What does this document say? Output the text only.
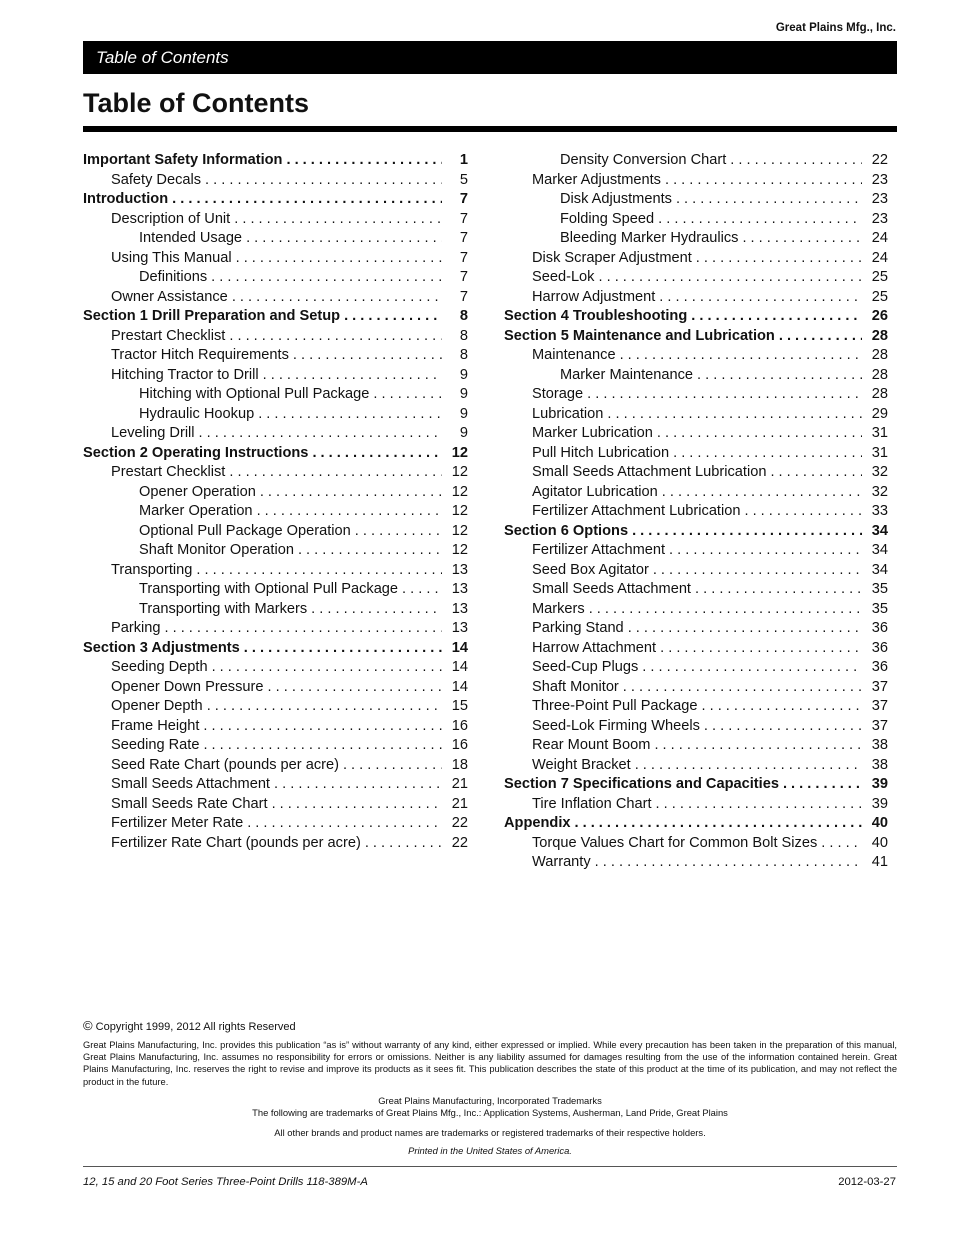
Great Plains Mfg., Inc.
Table of Contents
Table of Contents
Important Safety Information . . .	1
Safety Decals . . .	5
Introduction . . .	7
Description of Unit . . .	7
Intended Usage . . .	7
Using This Manual . . .	7
Definitions . . .	7
Owner Assistance . . .	7
Section 1 Drill Preparation and Setup . . .	8
Prestart Checklist . . .	8
Tractor Hitch Requirements . . .	8
Hitching Tractor to Drill . . .	9
Hitching with Optional Pull Package . . .	9
Hydraulic Hookup . . .	9
Leveling Drill . . .	9
Section 2 Operating Instructions . . .	12
Prestart Checklist . . .	12
Opener Operation . . .	12
Marker Operation . . .	12
Optional Pull Package Operation . . .	12
Shaft Monitor Operation . . .	12
Transporting . . .	13
Transporting with Optional Pull Package . . .	13
Transporting with Markers . . .	13
Parking . . .	13
Section 3 Adjustments . . .	14
Seeding Depth . . .	14
Opener Down Pressure . . .	14
Opener Depth . . .	15
Frame Height . . .	16
Seeding Rate . . .	16
Seed Rate Chart (pounds per acre) . . .	18
Small Seeds Attachment . . .	21
Small Seeds Rate Chart . . .	21
Fertilizer Meter Rate . . .	22
Fertilizer Rate Chart (pounds per acre) . . .	22
Density Conversion Chart . . .	22
Marker Adjustments . . .	23
Disk Adjustments . . .	23
Folding Speed . . .	23
Bleeding Marker Hydraulics . . .	24
Disk Scraper Adjustment . . .	24
Seed-Lok . . .	25
Harrow Adjustment . . .	25
Section 4 Troubleshooting . . .	26
Section 5 Maintenance and Lubrication . . .	28
Maintenance . . .	28
Marker Maintenance . . .	28
Storage . . .	28
Lubrication . . .	29
Marker Lubrication . . .	31
Pull Hitch Lubrication . . .	31
Small Seeds Attachment Lubrication . . .	32
Agitator Lubrication . . .	32
Fertilizer Attachment Lubrication . . .	33
Section 6 Options . . .	34
Fertilizer Attachment . . .	34
Seed Box Agitator . . .	34
Small Seeds Attachment . . .	35
Markers . . .	35
Parking Stand . . .	36
Harrow Attachment . . .	36
Seed-Cup Plugs . . .	36
Shaft Monitor . . .	37
Three-Point Pull Package . . .	37
Seed-Lok Firming Wheels . . .	37
Rear Mount Boom . . .	38
Weight Bracket . . .	38
Section 7 Specifications and Capacities . . .	39
Tire Inflation Chart . . .	39
Appendix . . .	40
Torque Values Chart for Common Bolt Sizes . . .	40
Warranty . . .	41
© Copyright 1999, 2012 All rights Reserved
Great Plains Manufacturing, Inc. provides this publication “as is” without warranty of any kind, either expressed or implied. While every precaution has been taken in the preparation of this manual, Great Plains Manufacturing, Inc. assumes no responsibility for errors or omissions. Neither is any liability assumed for damages resulting from the use of the information contained herein. Great Plains Manufacturing, Inc. reserves the right to revise and improve its products as it sees fit. This publication describes the state of this product at the time of its publication, and may not reflect the product in the future.
Great Plains Manufacturing, Incorporated Trademarks
The following are trademarks of Great Plains Mfg., Inc.: Application Systems, Ausherman, Land Pride, Great Plains
All other brands and product names are trademarks or registered trademarks of their respective holders.
Printed in the United States of America.
12, 15 and 20 Foot Series Three-Point Drills 118-389M-A	2012-03-27
